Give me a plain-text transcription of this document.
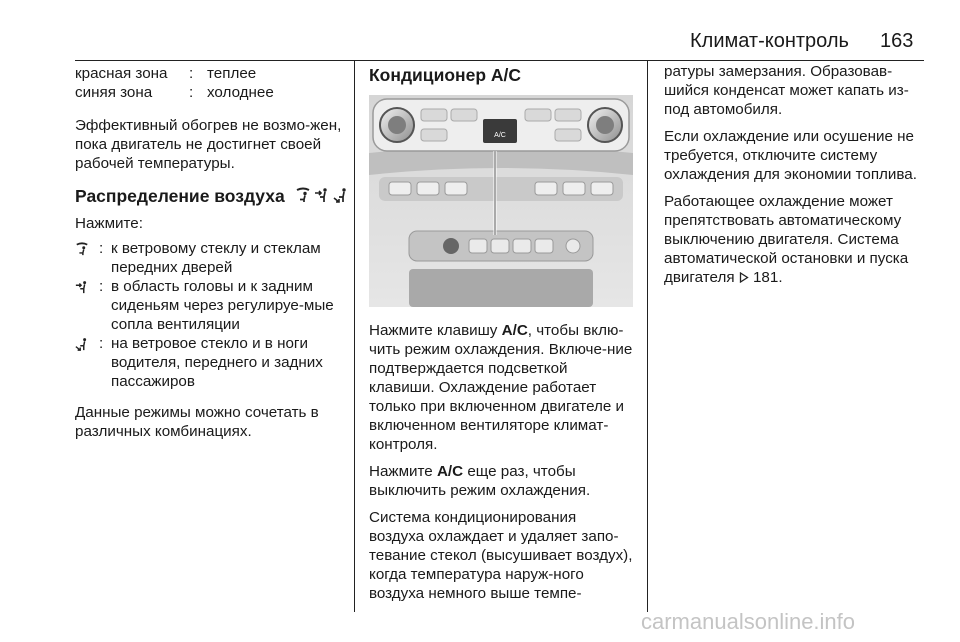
Климат-контроль 163
красная зона	: теплее
синяя зона	: холоднее

Эффективный обогрев не возмо-жен, пока двигатель не достигнет своей рабочей температуры.

Распределение воздуха

Нажмите:

: к ветровому стеклу и стеклам передних дверей
: в область головы и к задним сиденьям через регулируе-мые сопла вентиляции
: на ветровое стекло и в ноги водителя, переднего и задних пассажиров

Данные режимы можно сочетать в различных комбинациях.

Кондиционер A/C
A/C

Нажмите клавишу A/C, чтобы вклю-чить режим охлаждения. Включе-ние подтверждается подсветкой клавиши. Охлаждение работает только при включенном двигателе и включенном вентиляторе климат-контроля.

Нажмите A/C еще раз, чтобы выключить режим охлаждения.

Система кондиционирования воздуха охлаждает и удаляет запо-тевание стекол (высушивает воздух), когда температура наруж-ного воздуха немного выше темпе-

ратуры замерзания. Образовав-шийся конденсат может капать из-под автомобиля.

Если охлаждение или осушение не требуется, отключите систему охлаждения для экономии топлива.

Работающее охлаждение может препятствовать автоматическому выключению двигателя. Система автоматической остановки и пуска двигателя  181.

carmanualsonline.info
